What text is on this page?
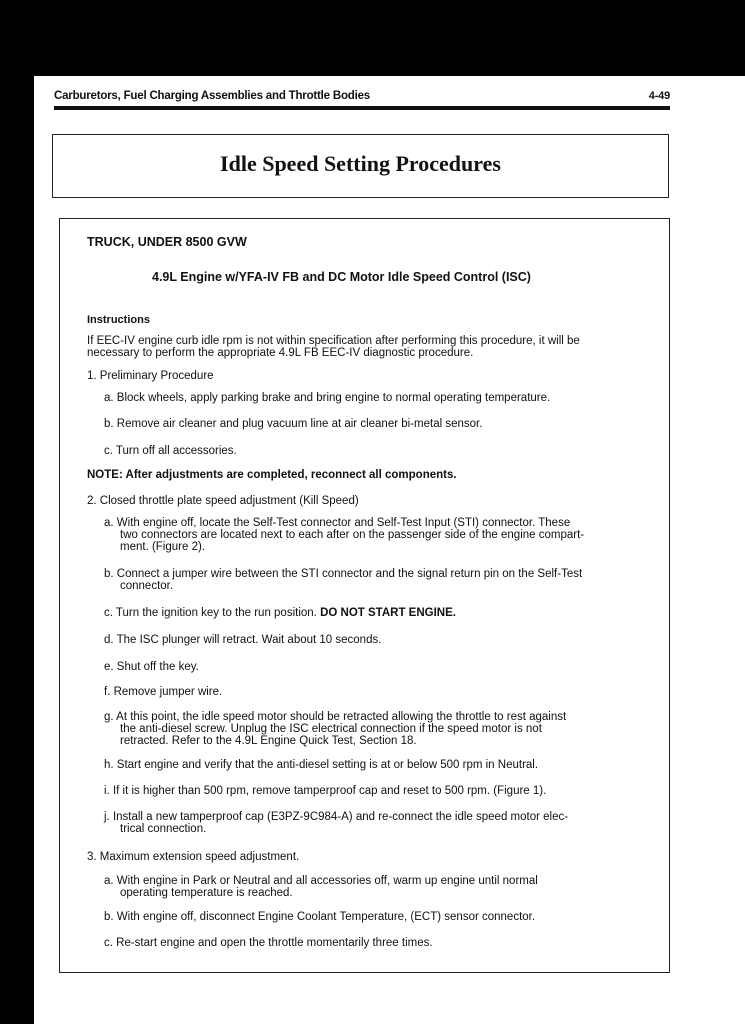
Carburetors, Fuel Charging Assemblies and Throttle Bodies	4-49
Idle Speed Setting Procedures
TRUCK, UNDER 8500 GVW
4.9L Engine w/YFA-IV FB and DC Motor Idle Speed Control (ISC)
Instructions
If EEC-IV engine curb idle rpm is not within specification after performing this procedure, it will be
necessary to perform the appropriate 4.9L FB EEC-IV diagnostic procedure.
1. Preliminary Procedure
a. Block wheels, apply parking brake and bring engine to normal operating temperature.
b. Remove air cleaner and plug vacuum line at air cleaner bi-metal sensor.
c. Turn off all accessories.
NOTE: After adjustments are completed, reconnect all components.
2. Closed throttle plate speed adjustment (Kill Speed)
a. With engine off, locate the Self-Test connector and Self-Test Input (STI) connector. These
two connectors are located next to each after on the passenger side of the engine compart-
ment. (Figure 2).
b. Connect a jumper wire between the STI connector and the signal return pin on the Self-Test
connector.
c. Turn the ignition key to the run position. DO NOT START ENGINE.
d. The ISC plunger will retract. Wait about 10 seconds.
e. Shut off the key.
f. Remove jumper wire.
g. At this point, the idle speed motor should be retracted allowing the throttle to rest against
the anti-diesel screw. Unplug the ISC electrical connection if the speed motor is not
retracted. Refer to the 4.9L Engine Quick Test, Section 18.
h. Start engine and verify that the anti-diesel setting is at or below 500 rpm in Neutral.
i. If it is higher than 500 rpm, remove tamperproof cap and reset to 500 rpm. (Figure 1).
j. Install a new tamperproof cap (E3PZ-9C984-A) and re-connect the idle speed motor elec-
trical connection.
3. Maximum extension speed adjustment.
a. With engine in Park or Neutral and all accessories off, warm up engine until normal
operating temperature is reached.
b. With engine off, disconnect Engine Coolant Temperature, (ECT) sensor connector.
c. Re-start engine and open the throttle momentarily three times.
